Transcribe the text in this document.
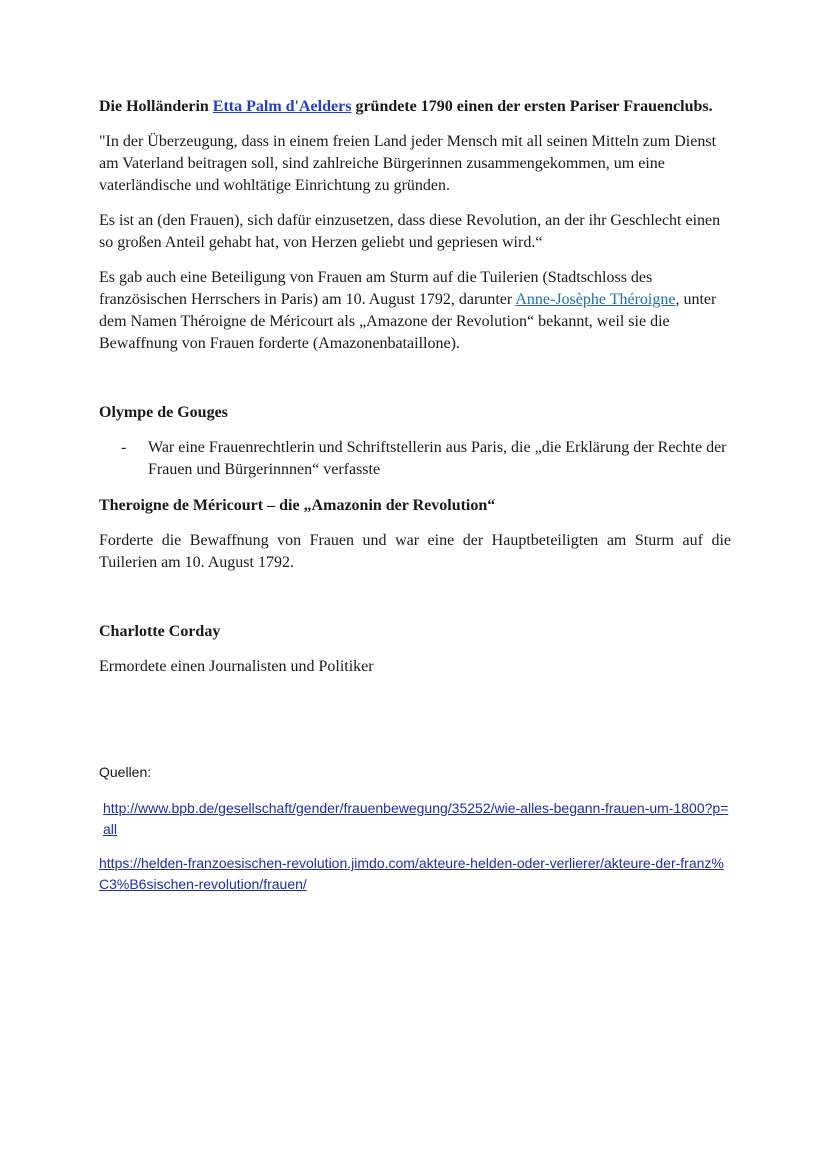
Die Holländerin Etta Palm d'Aelders gründete 1790 einen der ersten Pariser Frauenclubs.

"In der Überzeugung, dass in einem freien Land jeder Mensch mit all seinen Mitteln zum Dienst am Vaterland beitragen soll, sind zahlreiche Bürgerinnen zusammengekommen, um eine vaterländische und wohltätige Einrichtung zu gründen.

Es ist an (den Frauen), sich dafür einzusetzen, dass diese Revolution, an der ihr Geschlecht einen so großen Anteil gehabt hat, von Herzen geliebt und gepriesen wird.“

Es gab auch eine Beteiligung von Frauen am Sturm auf die Tuilerien (Stadtschloss des französischen Herrschers in Paris) am 10. August 1792, darunter Anne-Josèphe Théroigne, unter dem Namen Théroigne de Méricourt als „Amazone der Revolution“ bekannt, weil sie die Bewaffnung von Frauen forderte (Amazonenbataillone).

Olympe de Gouges

-	War eine Frauenrechtlerin und Schriftstellerin aus Paris, die „die Erklärung der Rechte der Frauen und Bürgerinnnen“ verfasste

Theroigne de Méricourt – die „Amazonin der Revolution“

Forderte die Bewaffnung von Frauen und war eine der Hauptbeteiligten am Sturm auf die Tuilerien am 10. August 1792.

Charlotte Corday

Ermordete einen Journalisten und Politiker

Quellen:

http://www.bpb.de/gesellschaft/gender/frauenbewegung/35252/wie-alles-begann-frauen-um-1800?p=all

https://helden-franzoesischen-revolution.jimdo.com/akteure-helden-oder-verlierer/akteure-der-franz%C3%B6sischen-revolution/frauen/
